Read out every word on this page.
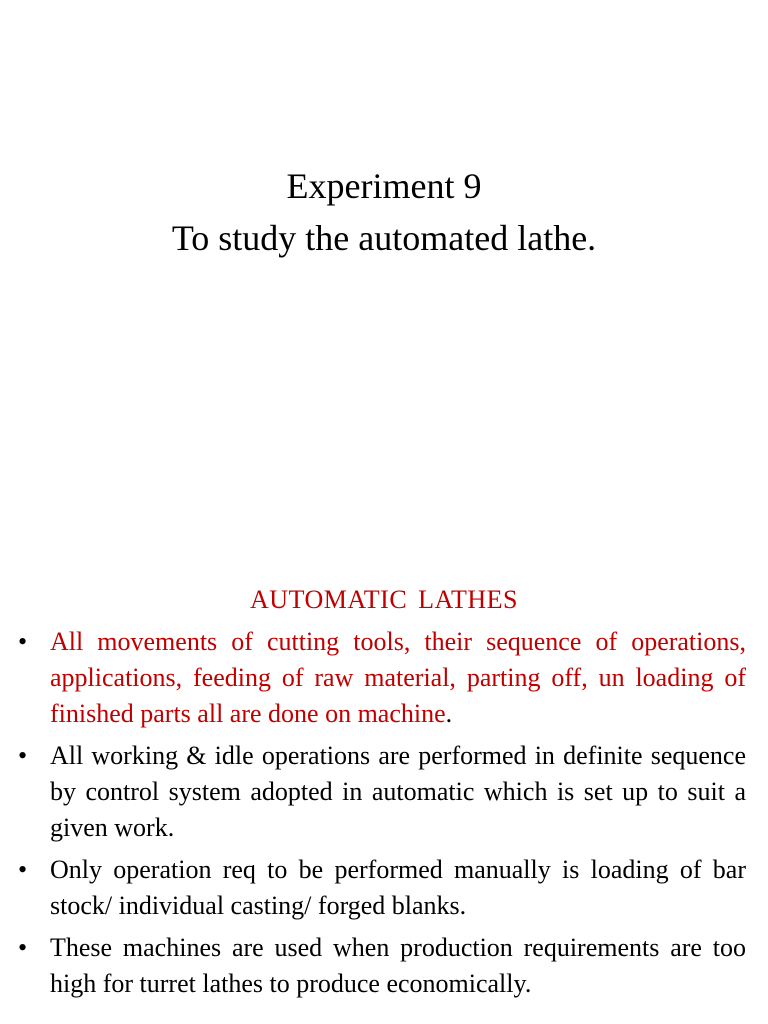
Experiment 9
To study the automated lathe.
AUTOMATIC LATHES
• All movements of cutting tools, their sequence of operations, applications, feeding of raw material, parting off, un loading of finished parts all are done on machine.
• All working & idle operations are performed in definite sequence by control system adopted in automatic which is set up to suit a given work.
• Only operation req to be performed manually is loading of bar stock/ individual casting/ forged blanks.
• These machines are used when production requirements are too high for turret lathes to produce economically.
